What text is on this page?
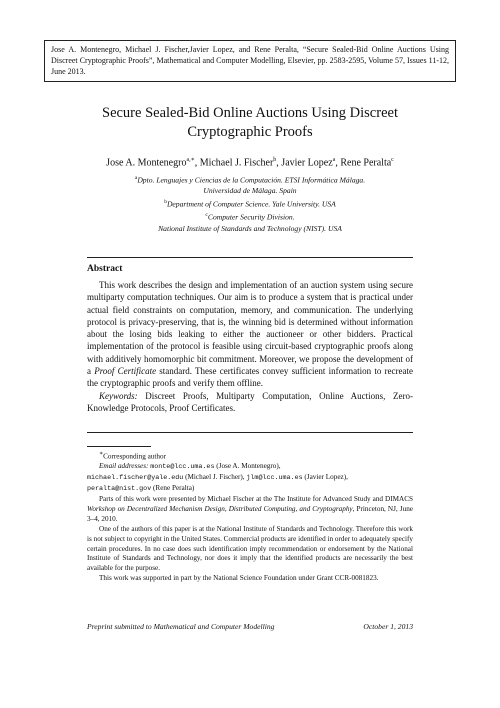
Jose A. Montenegro, Michael J. Fischer,Javier Lopez, and Rene Peralta, “Secure Sealed-Bid Online Auctions Using Discreet Cryptographic Proofs”, Mathematical and Computer Modelling, Elsevier, pp. 2583-2595, Volume 57, Issues 11-12, June 2013.
Secure Sealed-Bid Online Auctions Using Discreet
Cryptographic Proofs
Jose A. Montenegro$^{a,∗}$, Michael J. Fischer$^b$, Javier Lopez$^a$, Rene Peralta$^c$
$^a$Dpto. Lenguajes y Ciencias de la Computación. ETSI Informática Málaga.
Universidad de Málaga. Spain
$^b$Department of Computer Science. Yale University. USA
$^c$Computer Security Division.
National Institute of Standards and Technology (NIST). USA
Abstract

This work describes the design and implementation of an auction system using secure multiparty computation techniques. Our aim is to produce a system that is practical under actual field constraints on computation, memory, and communication. The underlying protocol is privacy-preserving, that is, the winning bid is determined without information about the losing bids leaking to either the auctioneer or other bidders. Practical implementation of the protocol is feasible using circuit-based cryptographic proofs along with additively homomorphic bit commitment. Moreover, we propose the development of a Proof Certificate standard. These certificates convey sufficient information to recreate the cryptographic proofs and verify them offline.

Keywords: Discreet Proofs, Multiparty Computation, Online Auctions, Zero-Knowledge Protocols, Proof Certificates.

∗Corresponding author

Email addresses: monte@lcc.uma.es (Jose A. Montenegro),
michael.fischer@yale.edu (Michael J. Fischer), jlm@lcc.uma.es (Javier Lopez),
peralta@nist.gov (Rene Peralta)

Parts of this work were presented by Michael Fischer at the The Institute for Advanced Study and DIMACS Workshop on Decentralized Mechanism Design, Distributed Computing, and Cryptography, Princeton, NJ, June 3–4, 2010.

One of the authors of this paper is at the National Institute of Standards and Technology. Therefore this work is not subject to copyright in the United States. Commercial products are identified in order to adequately specify certain procedures. In no case does such identification imply recommendation or endorsement by the National Institute of Standards and Technology, nor does it imply that the identified products are necessarily the best available for the purpose.

This work was supported in part by the National Science Foundation under Grant CCR-0081823.

Preprint submitted to Mathematical and Computer Modelling	October 1, 2013
